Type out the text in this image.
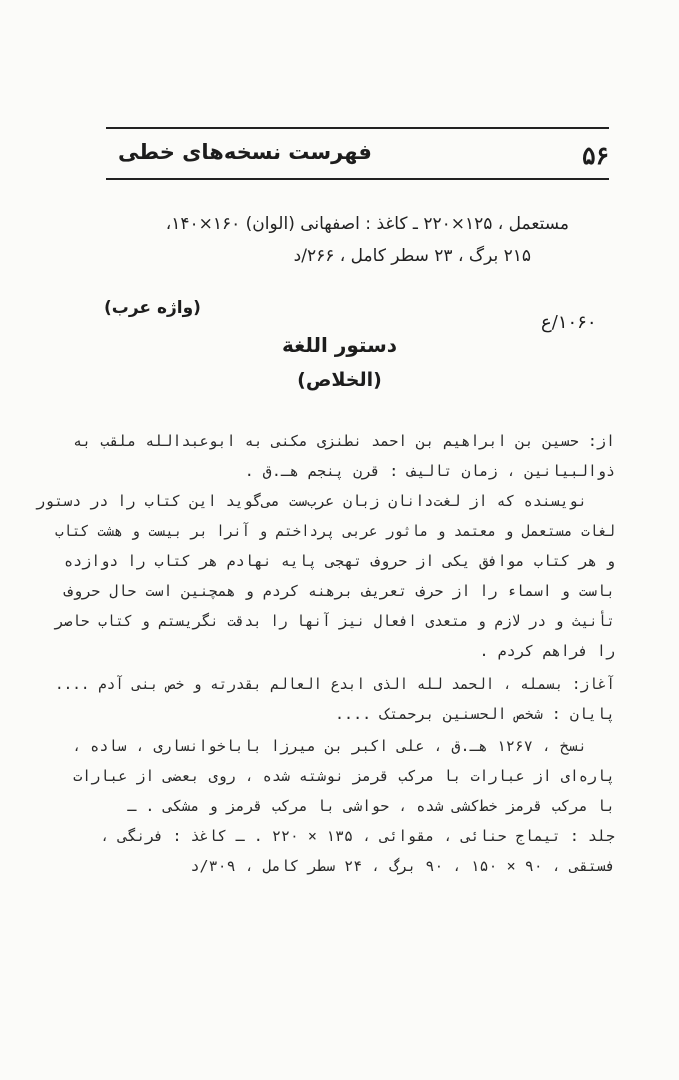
۵۶
فهرست نسخه‌های خطی
مستعمل ، ۱۲۵×۲۲۰ ـ کاغذ : اصفهانی (الوان) ۱۶۰×۱۴۰،
۲۱۵ برگ ، ۲۳ سطر کامل ، ۲۶۶/د
۱۰۶۰/ع
(واژه عرب)
دستور اللغة
(الخلاص)
از: حسین بن ابراهیم بن احمد نطنزی مکنی به ابوعبدالله ملقب به
ذوالبیانین ، زمان تالیف : قرن پنجم هـ.ق .
نویسنده که از لغت‌دانان زبان عرب‌ست می‌گوید این کتاب را در دستور
لغات مستعمل و معتمد و ماثور عربی پرداختم و آنرا بر بیست و هشت کتاب
و هر کتاب موافق یکی از حروف تهجی پایه نهادم هر کتاب را دوازده
باست و اسماء را از حرف تعریف برهنه کردم و همچنین است حال حروف
تأنیث و در لازم و متعدی افعال نیز آنها را بدقت نگریستم و کتاب حاصر
را فراهم کردم .
آغاز: بسمله ، الحمد لله الذی ابدع العالم بقدرته و خص بنی آدم ....
پایان : شخص الحسنین برحمتک ....
نسخ ، ۱۲۶۷ هـ.ق ، علی اکبر بن میرزا باباخوانساری ، ساده ،
پاره‌ای از عبارات با مرکب قرمز نوشته شده ، روی بعضی از عبارات
با مرکب قرمز خط‌کشی شده ، حواشی با مرکب قرمز و مشکی . ـ
جلد : تیماج حنائی ، مقوائی ، ۱۳۵ × ۲۲۰ . ـ کاغذ : فرنگی ،
فستقی ، ۹۰ × ۱۵۰ ، ۹۰ برگ ، ۲۴ سطر کامل ، ۳۰۹/د
